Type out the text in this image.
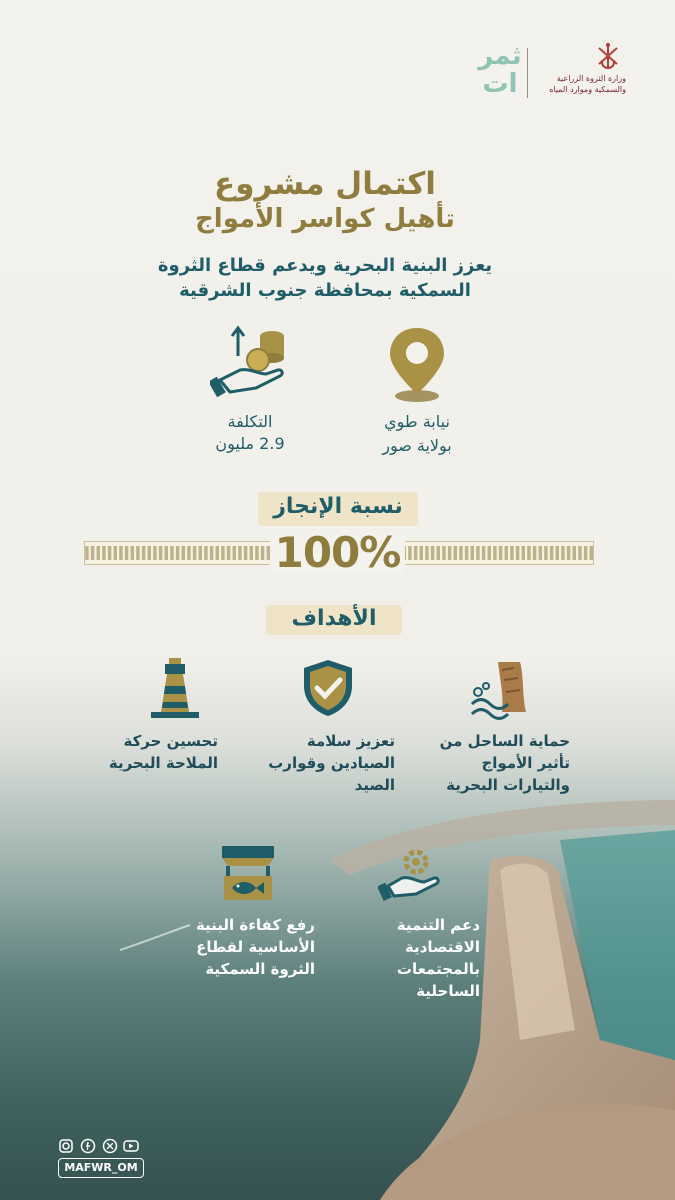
وزارة الثروة الزراعية
والسمكية وموارد المياه
ثمرات
اكتمال مشروع
تأهيل كواسر الأمواج
يعزز البنية البحرية ويدعم قطاع الثروة
السمكية بمحافظة جنوب الشرقية
نيابة طوي
بولاية صور
التكلفة
2.9 مليون
نسبة الإنجاز
100%
الأهداف
حماية الساحل من
تأثير الأمواج
والتيارات البحرية
تعزيز سلامة
الصيادين وقوارب
الصيد
تحسين حركة
الملاحة البحرية
دعم التنمية
الاقتصادية
بالمجتمعات
الساحلية
رفع كفاءة البنية
الأساسية لقطاع
الثروة السمكية
MAFWR_OM
